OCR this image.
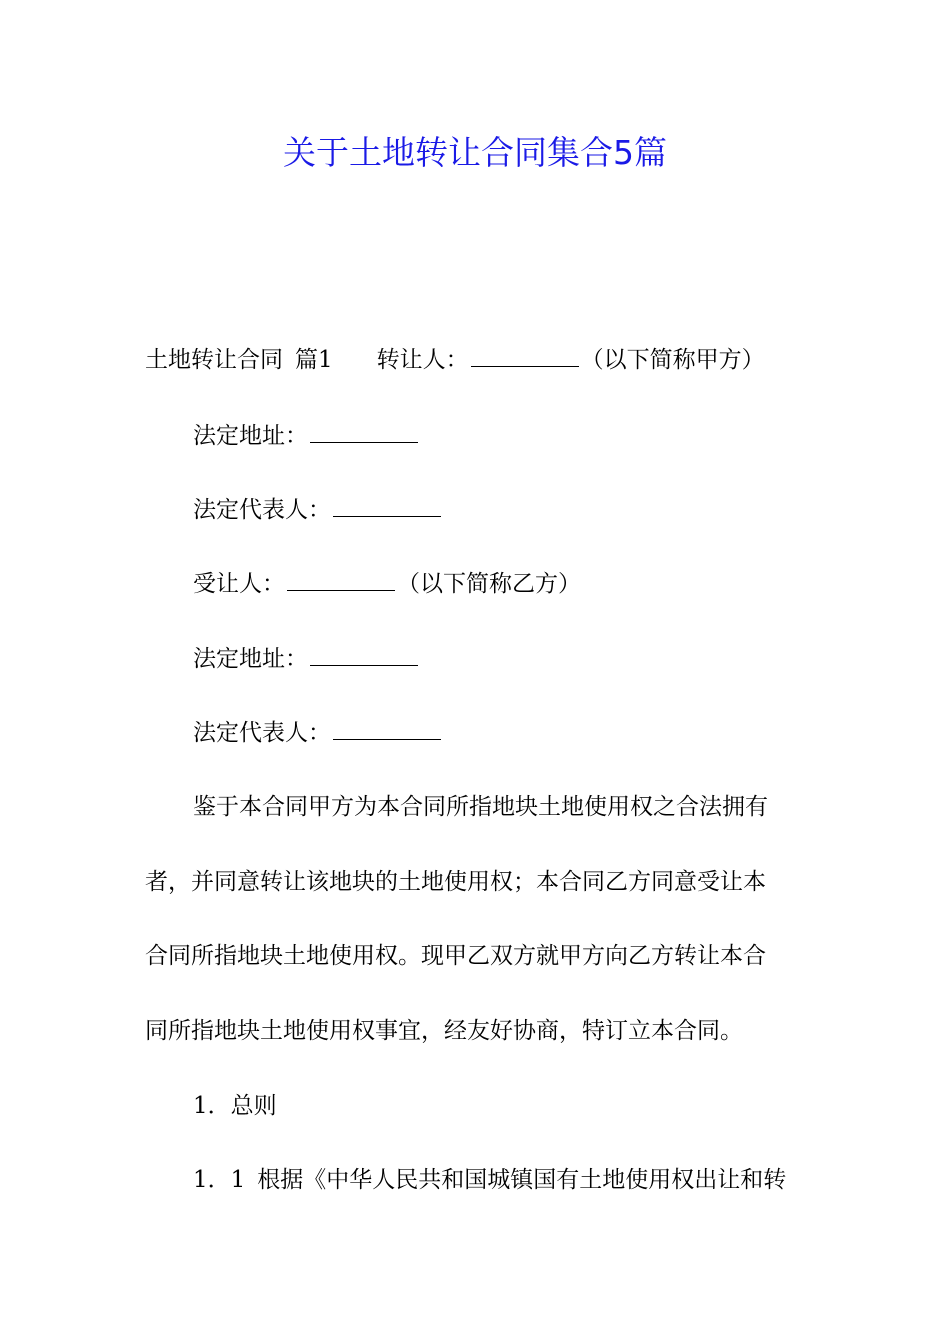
关于土地转让合同集合5篇

土地转让合同 篇1 转让人：	（以下简称甲方）

法定地址：

法定代表人：

受让人：	（以下简称乙方）

法定地址：

法定代表人：

鉴于本合同甲方为本合同所指地块土地使用权之合法拥有

者，并同意转让该地块的土地使用权；本合同乙方同意受让本

合同所指地块土地使用权。现甲乙双方就甲方向乙方转让本合

同所指地块土地使用权事宜，经友好协商，特订立本合同。

1．总则

1．1 根据《中华人民共和国城镇国有土地使用权出让和转
